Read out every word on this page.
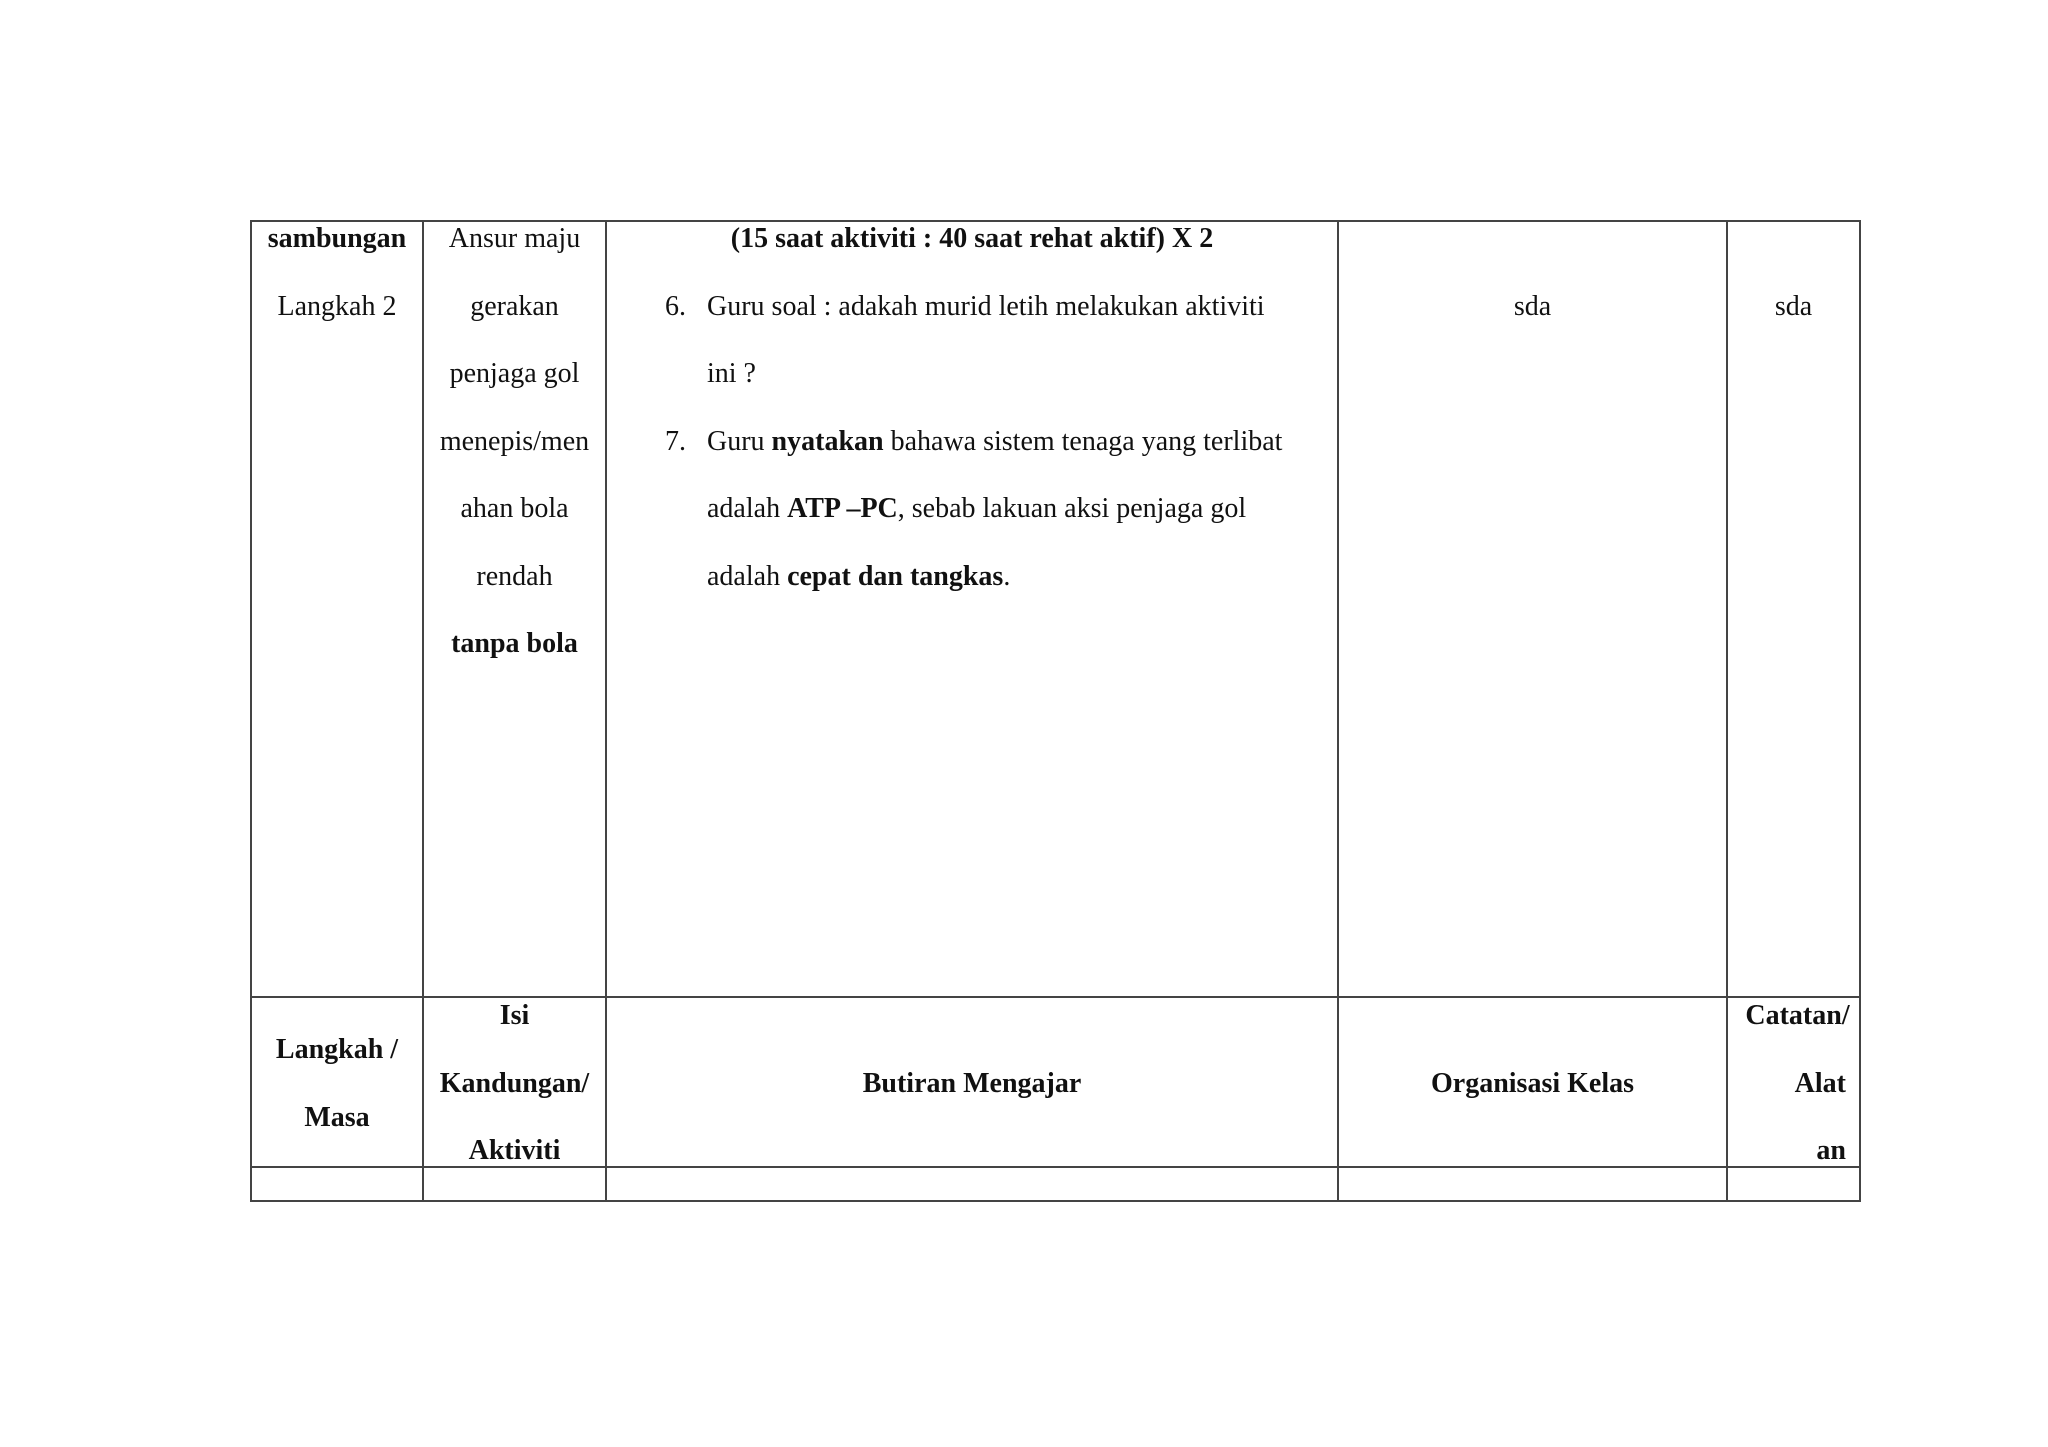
sambungan
Langkah 2
Ansur maju
gerakan
penjaga gol
menepis/men
ahan bola
rendah
tanpa bola
(15 saat aktiviti : 40 saat rehat aktif) X 2
6. Guru soal : adakah murid letih melakukan aktiviti
ini ?
7. Guru nyatakan bahawa sistem tenaga yang terlibat
adalah ATP –PC, sebab lakuan aksi penjaga gol
adalah cepat dan tangkas.
sda	sda
Langkah /
Masa
Isi
Kandungan/
Aktiviti
Butiran Mengajar	Organisasi Kelas
Catatan/
Alat
an
